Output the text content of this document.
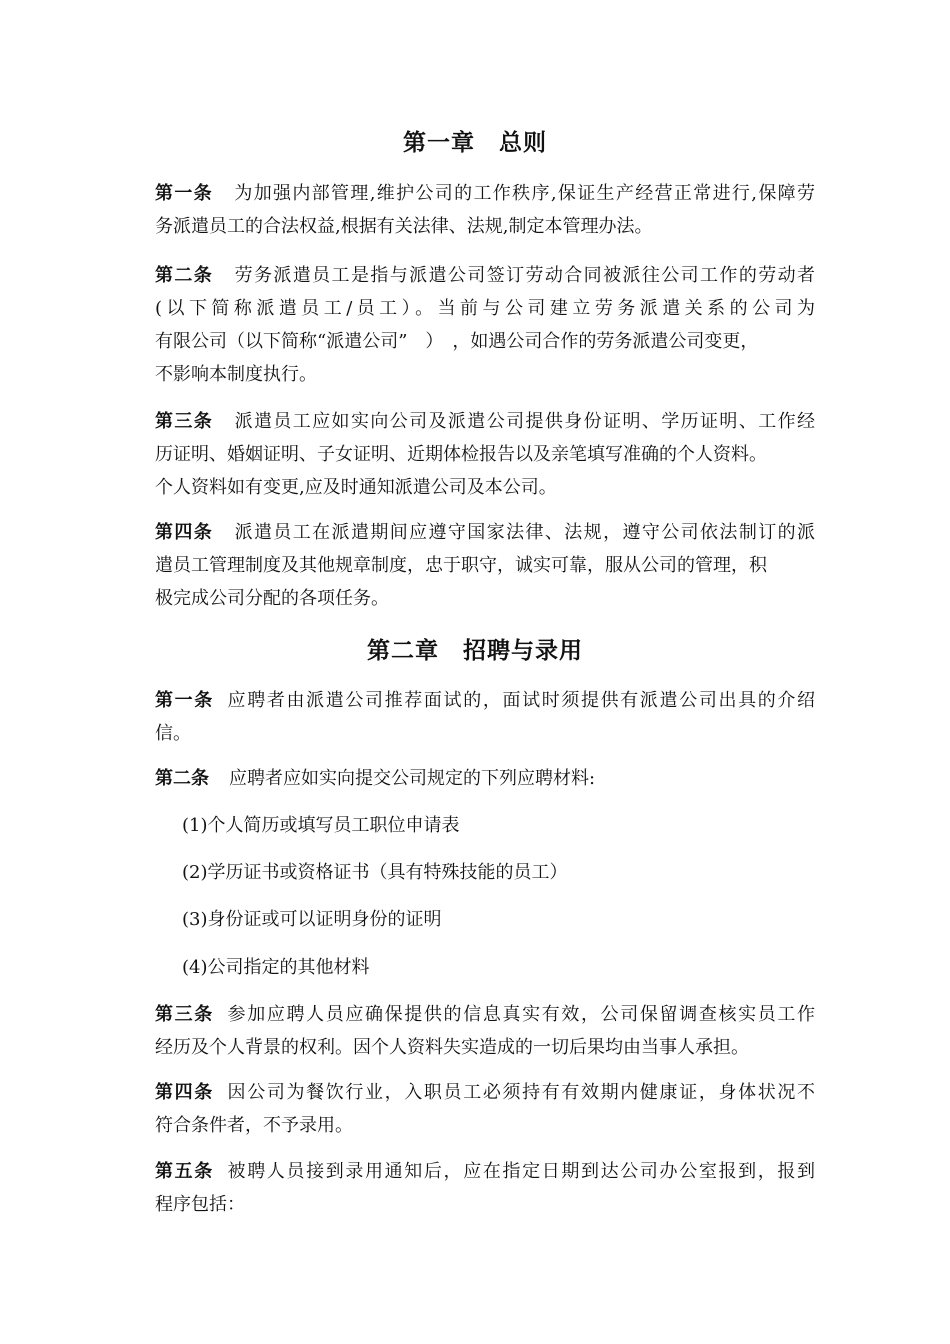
第一章 总则
第一条 为加强内部管理,维护公司的工作秩序,保证生产经营正常进行,保障劳
务派遣员工的合法权益,根据有关法律、法规,制定本管理办法。
第二条 劳务派遣员工是指与派遣公司签订劳动合同被派往公司工作的劳动者
(以下简称派遣员工/员工）。当前与公司建立劳务派遣关系的公司为
有限公司（以下简称“派遣公司”　）　，如遇公司合作的劳务派遣公司变更，
不影响本制度执行。
第三条 派遣员工应如实向公司及派遣公司提供身份证明、学历证明、工作经
历证明、婚姻证明、子女证明、近期体检报告以及亲笔填写准确的个人资料。
个人资料如有变更,应及时通知派遣公司及本公司。
第四条 派遣员工在派遣期间应遵守国家法律、法规，遵守公司依法制订的派
遣员工管理制度及其他规章制度，忠于职守，诚实可靠，服从公司的管理，积
极完成公司分配的各项任务。
第二章 招聘与录用
第一条 应聘者由派遣公司推荐面试的，面试时须提供有派遣公司出具的介绍
信。
第二条 应聘者应如实向提交公司规定的下列应聘材料:
(1)个人简历或填写员工职位申请表
(2)学历证书或资格证书（具有特殊技能的员工）
(3)身份证或可以证明身份的证明
(4)公司指定的其他材料
第三条 参加应聘人员应确保提供的信息真实有效，公司保留调查核实员工作
经历及个人背景的权利。因个人资料失实造成的一切后果均由当事人承担。
第四条 因公司为餐饮行业，入职员工必须持有有效期内健康证，身体状况不
符合条件者，不予录用。
第五条 被聘人员接到录用通知后，应在指定日期到达公司办公室报到，报到
程序包括：
